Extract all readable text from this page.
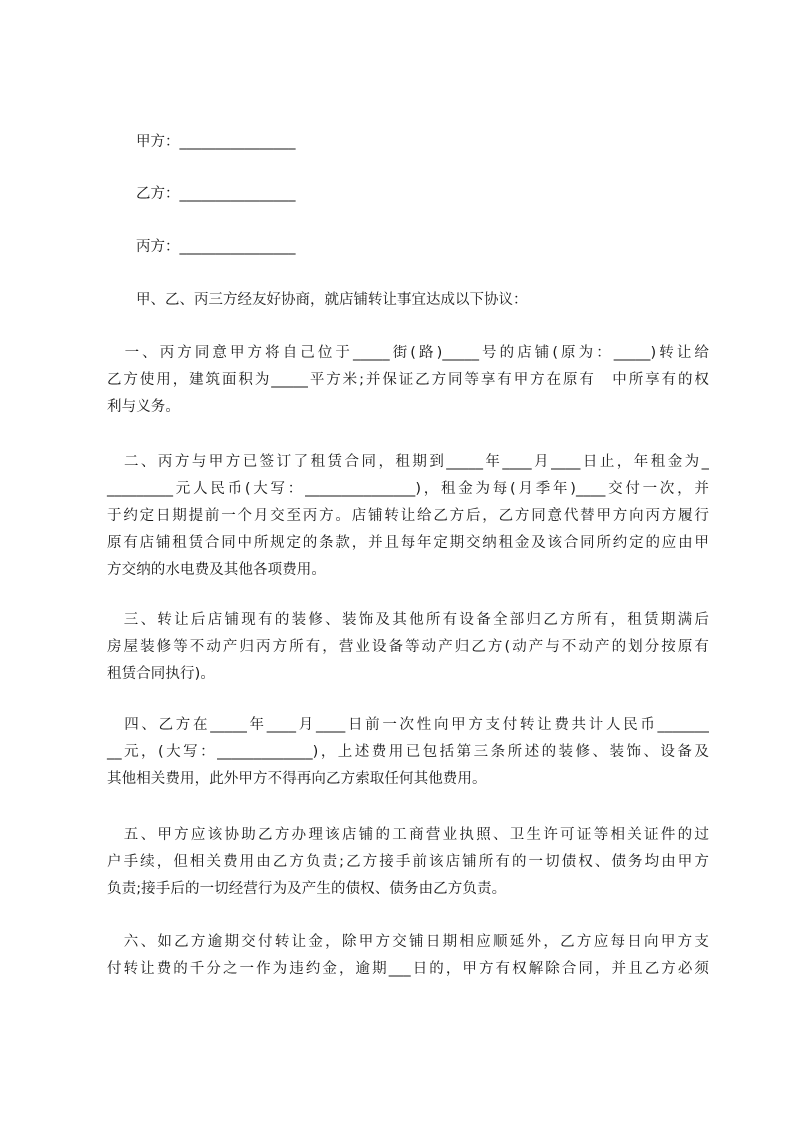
甲方：________________
乙方：________________
丙方：________________
甲、乙、丙三方经友好协商，就店铺转让事宜达成以下协议：
　一、丙方同意甲方将自己位于_____街(路)_____号的店铺(原为：_____)转让给
乙方使用，建筑面积为_____平方米;并保证乙方同等享有甲方在原有　中所享有的权
利与义务。
　二、丙方与甲方已签订了租赁合同，租期到_____年____月____日止，年租金为_
_________元人民币(大写：_______________)，租金为每(月季年)____交付一次，并
于约定日期提前一个月交至丙方。店铺转让给乙方后，乙方同意代替甲方向丙方履行
原有店铺租赁合同中所规定的条款，并且每年定期交纳租金及该合同所约定的应由甲
方交纳的水电费及其他各项费用。
　三、转让后店铺现有的装修、装饰及其他所有设备全部归乙方所有，租赁期满后
房屋装修等不动产归丙方所有，营业设备等动产归乙方(动产与不动产的划分按原有
租赁合同执行)。
　四、乙方在_____年____月____日前一次性向甲方支付转让费共计人民币_______
__元，(大写：_____________)，上述费用已包括第三条所述的装修、装饰、设备及
其他相关费用，此外甲方不得再向乙方索取任何其他费用。
　五、甲方应该协助乙方办理该店铺的工商营业执照、卫生许可证等相关证件的过
户手续，但相关费用由乙方负责;乙方接手前该店铺所有的一切债权、债务均由甲方
负责;接手后的一切经营行为及产生的债权、债务由乙方负责。
　六、如乙方逾期交付转让金，除甲方交铺日期相应顺延外，乙方应每日向甲方支
付转让费的千分之一作为违约金，逾期___日的，甲方有权解除合同，并且乙方必须
